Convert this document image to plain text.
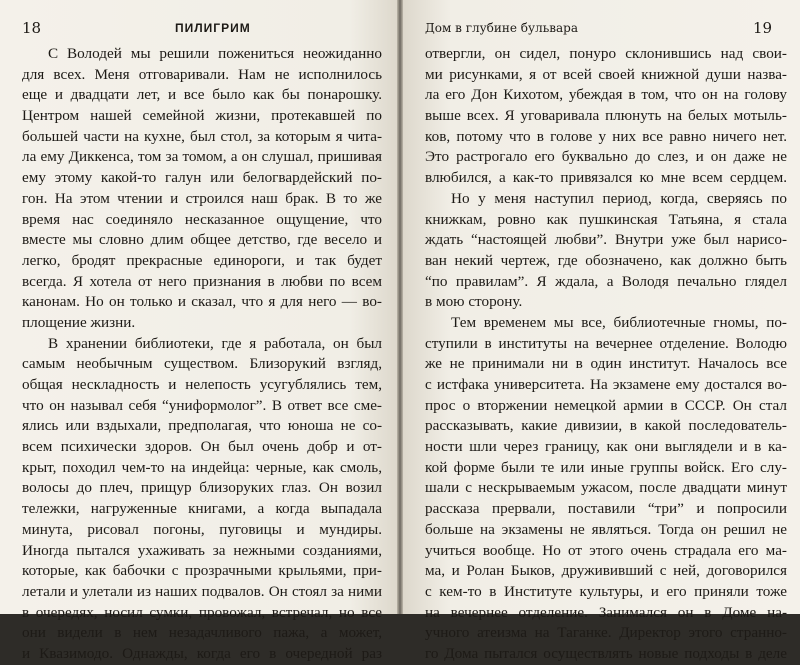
18	ПИЛИГРИМ
С Володей мы решили пожениться неожиданно
для всех. Меня отговаривали. Нам не исполнилось
еще и двадцати лет, и все было как бы понарошку.
Центром нашей семейной жизни, протекавшей по
большей части на кухне, был стол, за которым я чита-
ла ему Диккенса, том за томом, а он слушал, пришивая
ему этому какой-то галун или белогвардейский по-
гон. На этом чтении и строился наш брак. В то же
время нас соединяло несказанное ощущение, что
вместе мы словно длим общее детство, где весело и
легко, бродят прекрасные единороги, и так будет
всегда. Я хотела от него признания в любви по всем
канонам. Но он только и сказал, что я для него — во-
площение жизни.
В хранении библиотеки, где я работала, он был
самым необычным существом. Близорукий взгляд,
общая нескладность и нелепость усугублялись тем,
что он называл себя “униформолог”. В ответ все сме-
ялись или вздыхали, предполагая, что юноша не со-
всем психически здоров. Он был очень добр и от-
крыт, походил чем-то на индейца: черные, как смоль,
волосы до плеч, прищур близоруких глаз. Он возил
тележки, нагруженные книгами, а когда выпадала
минута, рисовал погоны, пуговицы и мундиры.
Иногда пытался ухаживать за нежными созданиями,
которые, как бабочки с прозрачными крыльями, при-
летали и улетали из наших подвалов. Он стоял за ними
в очередях, носил сумки, провожал, встречал, но все
они видели в нем незадачливого пажа, а может,
и Квазимодо. Однажды, когда его в очередной раз
Дом в глубине бульвара	19
отвергли, он сидел, понуро склонившись над свои-
ми рисунками, я от всей своей книжной души назва-
ла его Дон Кихотом, убеждая в том, что он на голову
выше всех. Я уговаривала плюнуть на белых мотыль-
ков, потому что в голове у них все равно ничего нет.
Это растрогало его буквально до слез, и он даже не
влюбился, а как-то привязался ко мне всем сердцем.
Но у меня наступил период, когда, сверяясь по
книжкам, ровно как пушкинская Татьяна, я стала
ждать “настоящей любви”. Внутри уже был нарисо-
ван некий чертеж, где обозначено, как должно быть
“по правилам”. Я ждала, а Володя печально глядел
в мою сторону.
Тем временем мы все, библиотечные гномы, по-
ступили в институты на вечернее отделение. Володю
же не принимали ни в один институт. Началось все
с истфака университета. На экзамене ему достался во-
прос о вторжении немецкой армии в СССР. Он стал
рассказывать, какие дивизии, в какой последователь-
ности шли через границу, как они выглядели и в ка-
кой форме были те или иные группы войск. Его слу-
шали с нескрываемым ужасом, после двадцати минут
рассказа прервали, поставили “три” и попросили
больше на экзамены не являться. Тогда он решил не
учиться вообще. Но от этого очень страдала его ма-
ма, и Ролан Быков, дружививший с ней, договорился
с кем-то в Институте культуры, и его приняли тоже
на вечернее отделение. Занимался он в Доме на-
учного атеизма на Таганке. Директор этого странно-
го Дома пытался осуществлять новые подходы в деле
